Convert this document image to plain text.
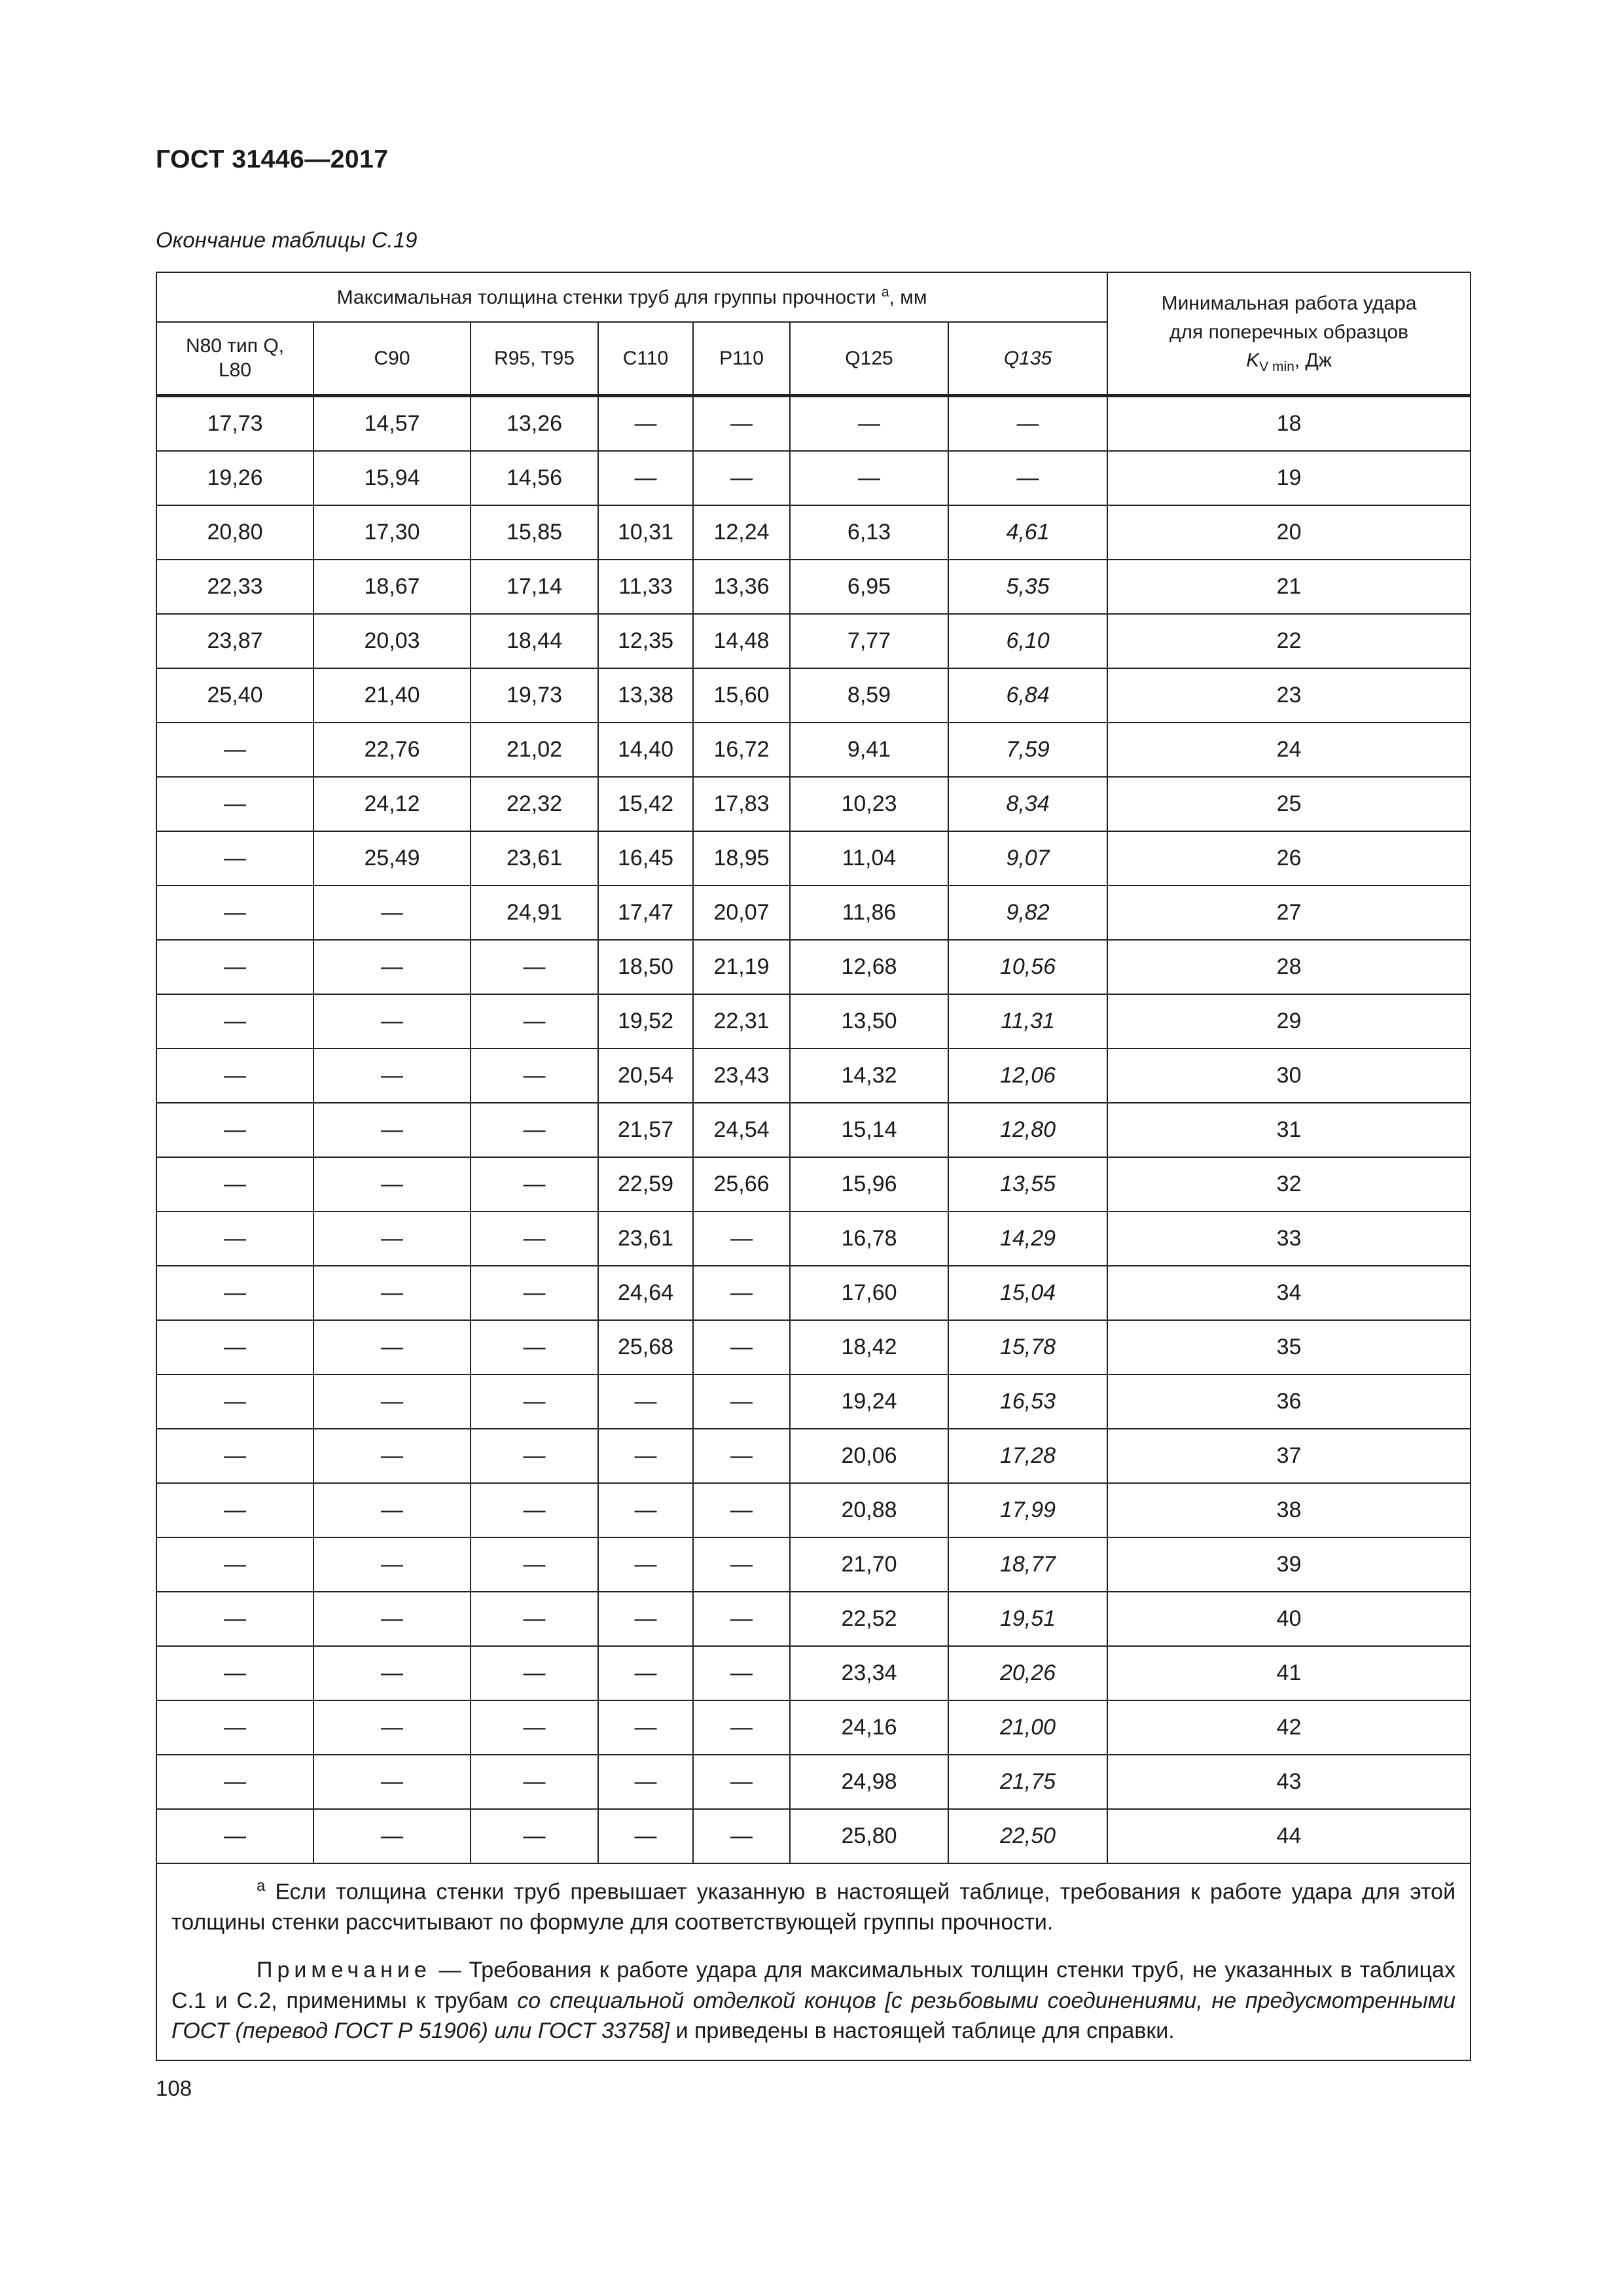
ГОСТ 31446—2017
Окончание таблицы С.19
Максимальная толщина стенки труб для группы прочности $^а$, мм							Минимальная работа удара
для поперечных образцов
$K_{V min}$, Дж
N80 тип Q, L80	C90	R95, T95	C110	P110	Q125	Q135	
17,73	14,57	13,26	—	—	—	—	18
19,26	15,94	14,56	—	—	—	—	19
20,80	17,30	15,85	10,31	12,24	6,13	4,61	20
22,33	18,67	17,14	11,33	13,36	6,95	5,35	21
23,87	20,03	18,44	12,35	14,48	7,77	6,10	22
25,40	21,40	19,73	13,38	15,60	8,59	6,84	23
—	22,76	21,02	14,40	16,72	9,41	7,59	24
—	24,12	22,32	15,42	17,83	10,23	8,34	25
—	25,49	23,61	16,45	18,95	11,04	9,07	26
—	—	24,91	17,47	20,07	11,86	9,82	27
—	—	—	18,50	21,19	12,68	10,56	28
—	—	—	19,52	22,31	13,50	11,31	29
—	—	—	20,54	23,43	14,32	12,06	30
—	—	—	21,57	24,54	15,14	12,80	31
—	—	—	22,59	25,66	15,96	13,55	32
—	—	—	23,61	—	16,78	14,29	33
—	—	—	24,64	—	17,60	15,04	34
—	—	—	25,68	—	18,42	15,78	35
—	—	—	—	—	19,24	16,53	36
—	—	—	—	—	20,06	17,28	37
—	—	—	—	—	20,88	17,99	38
—	—	—	—	—	21,70	18,77	39
—	—	—	—	—	22,52	19,51	40
—	—	—	—	—	23,34	20,26	41
—	—	—	—	—	24,16	21,00	42
—	—	—	—	—	24,98	21,75	43
—	—	—	—	—	25,80	22,50	44

$^а$ Если толщина стенки труб превышает указанную в настоящей таблице, требования к работе удара для этой толщины стенки рассчитывают по формуле для соответствующей группы прочности.

Примечание — Требования к работе удара для максимальных толщин стенки труб, не указанных в таблицах С.1 и С.2, применимы к трубам со специальной отделкой концов [с резьбовыми соединениями, не предусмотренными ГОСТ (перевод ГОСТ Р 51906) или ГОСТ 33758] и приведены в настоящей таблице для справки.							

108
